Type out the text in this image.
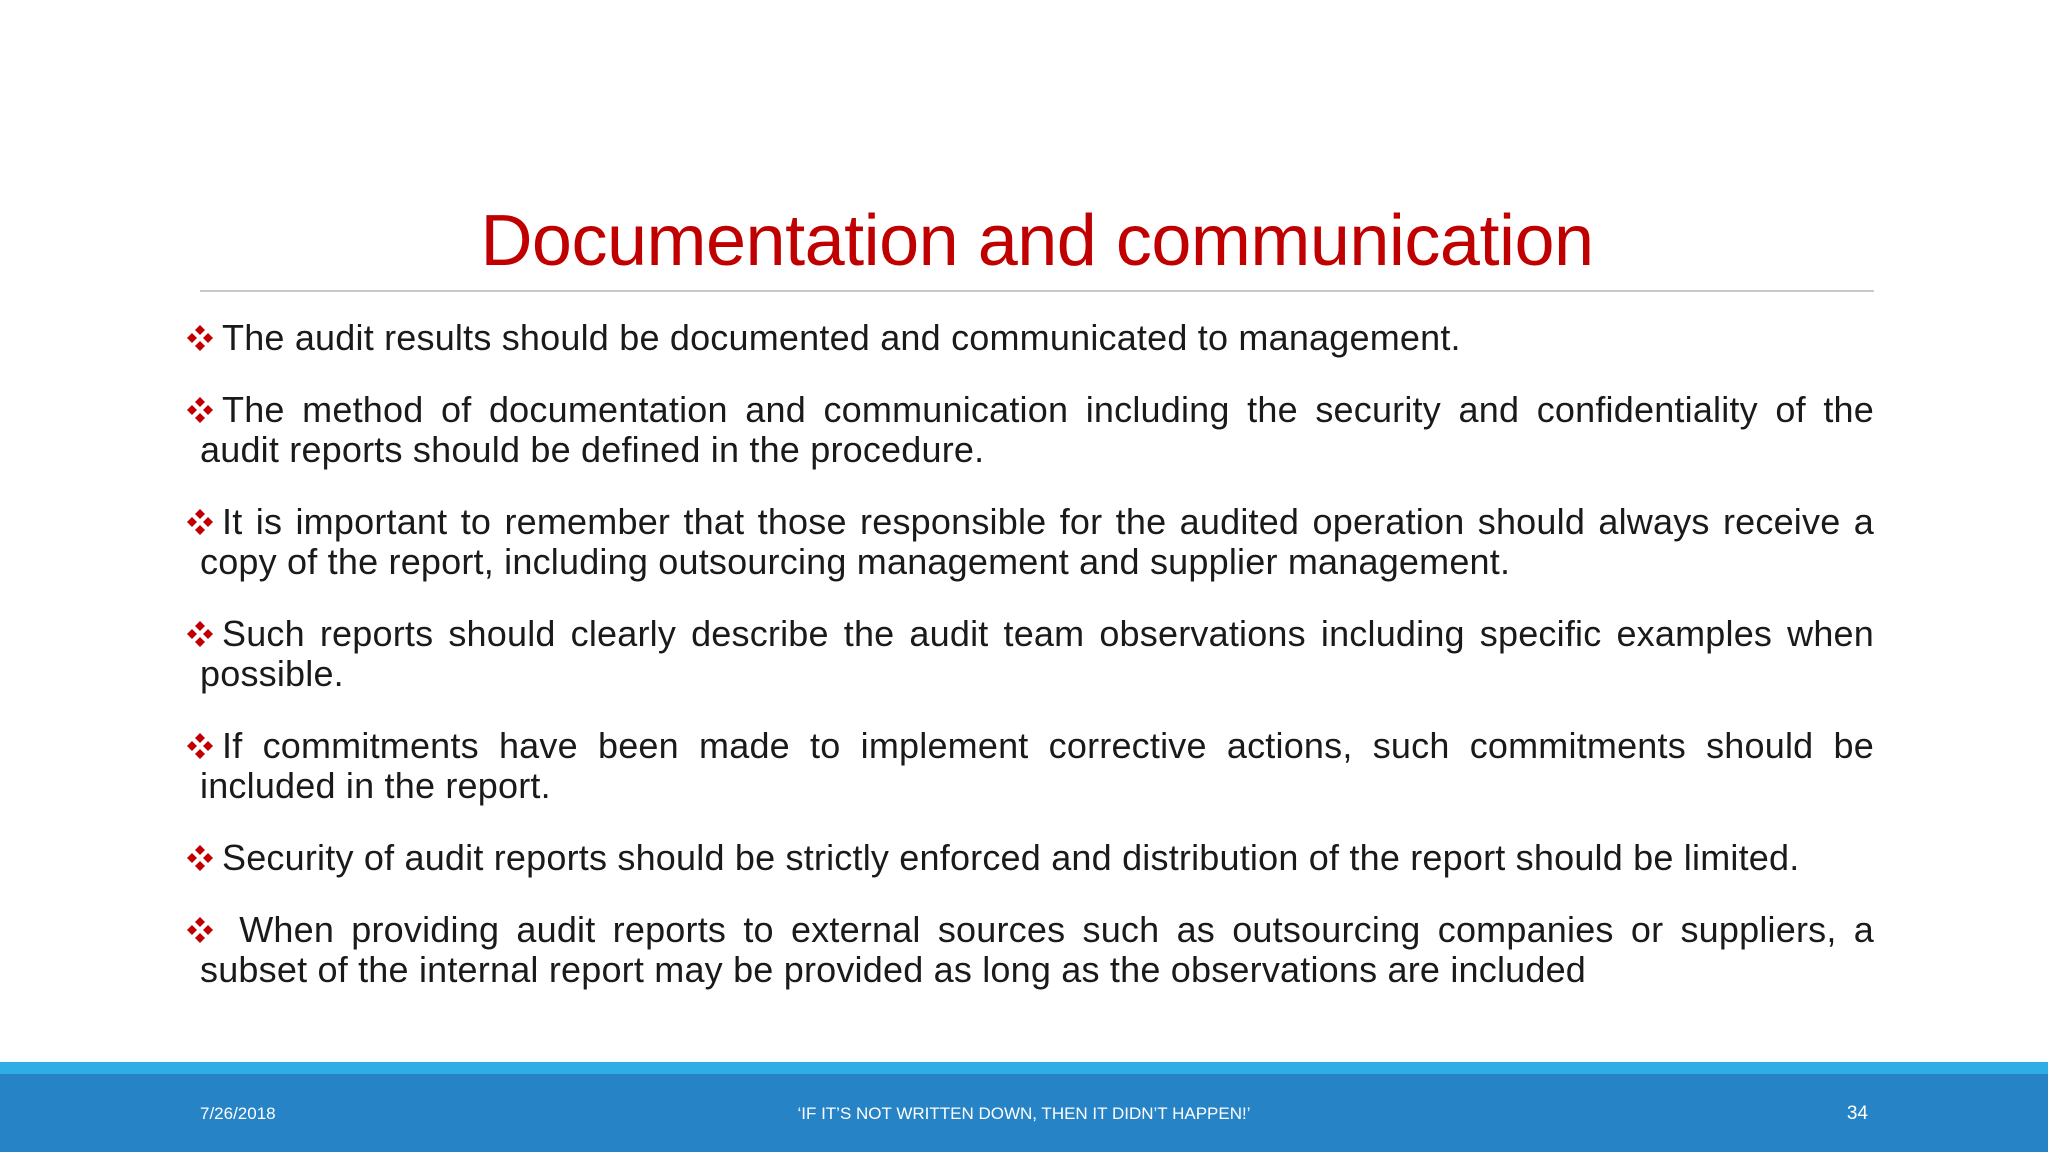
Documentation and communication
The audit results should be documented and communicated to management.
The method of documentation and communication including the security and confidentiality of the audit reports should be defined in the procedure.
It is important to remember that those responsible for the audited operation should always receive a copy of the report, including outsourcing management and supplier management.
Such reports should clearly describe the audit team observations including specific examples when possible.
If commitments have been made to implement corrective actions, such commitments should be included in the report.
Security of audit reports should be strictly enforced and distribution of the report should be limited.
When providing audit reports to external sources such as outsourcing companies or suppliers, a subset of the internal report may be provided as long as the observations are included
7/26/2018	‘IF IT’S NOT WRITTEN DOWN, THEN IT DIDN’T HAPPEN!’	34
